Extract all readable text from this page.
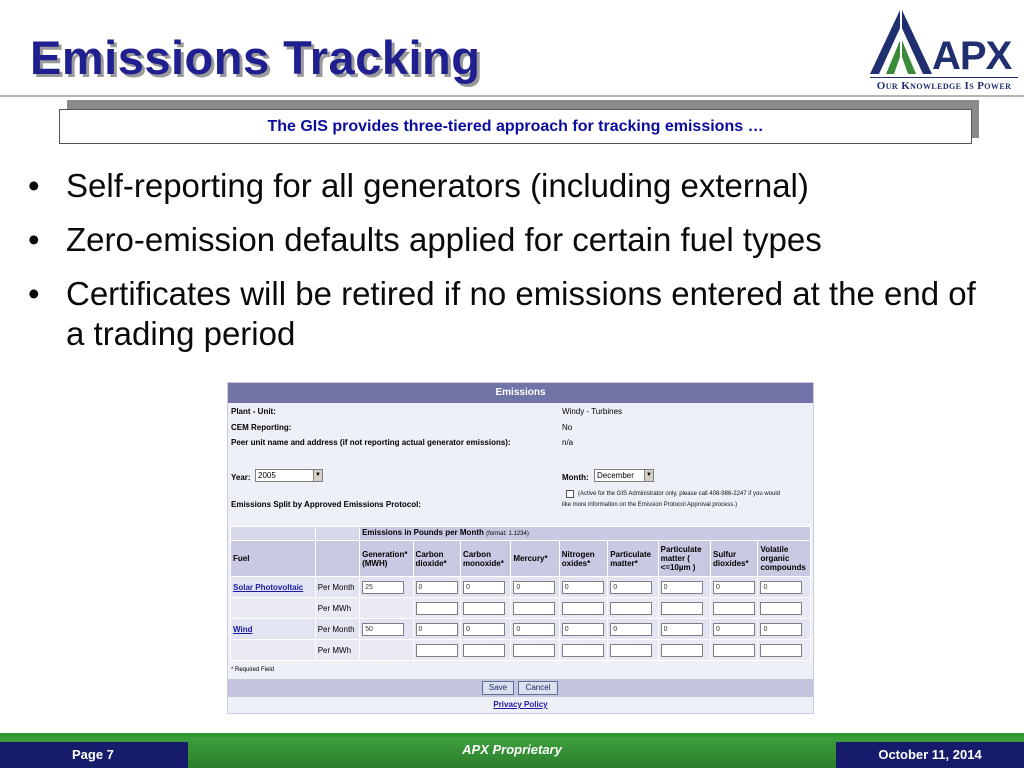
Emissions Tracking	APX
Our Knowledge Is Power
The GIS provides three-tiered approach for tracking emissions …
• Self-reporting for all generators (including external)
• Zero-emission defaults applied for certain fuel types
• Certificates will be retired if no emissions entered at the end of a trading period
Emissions
Plant - Unit:	Windy - Turbines
CEM Reporting:	No
Peer unit name and address (if not reporting actual generator emissions):	n/a
Year: 2005	▼	Month:	December	▼
Emissions Split by Approved Emissions Protocol:
(Active for the GIS Administrator only, please call 408-986-2247 if you would like more information on the Emission Protocol Approval process.)
		Emissions in Pounds per Month (format: 1.1234)								
Fuel		Generation* (MWH)	Carbon dioxide*	Carbon monoxide*	Mercury*	Nitrogen oxides*	Particulate matter*	Particulate matter ( <=10µm )	Sulfur dioxides*	Volatile organic compounds
Solar Photovoltaic	Per Month	25	0	0	0	0	0	0	0	0

	Per MWh		

Wind	Per Month	50	0	0	0	0	0	0	0	0

	Per MWh		

* Required Field
Save	Cancel
Privacy Policy
Page 7	APX Proprietary	October 11, 2014
